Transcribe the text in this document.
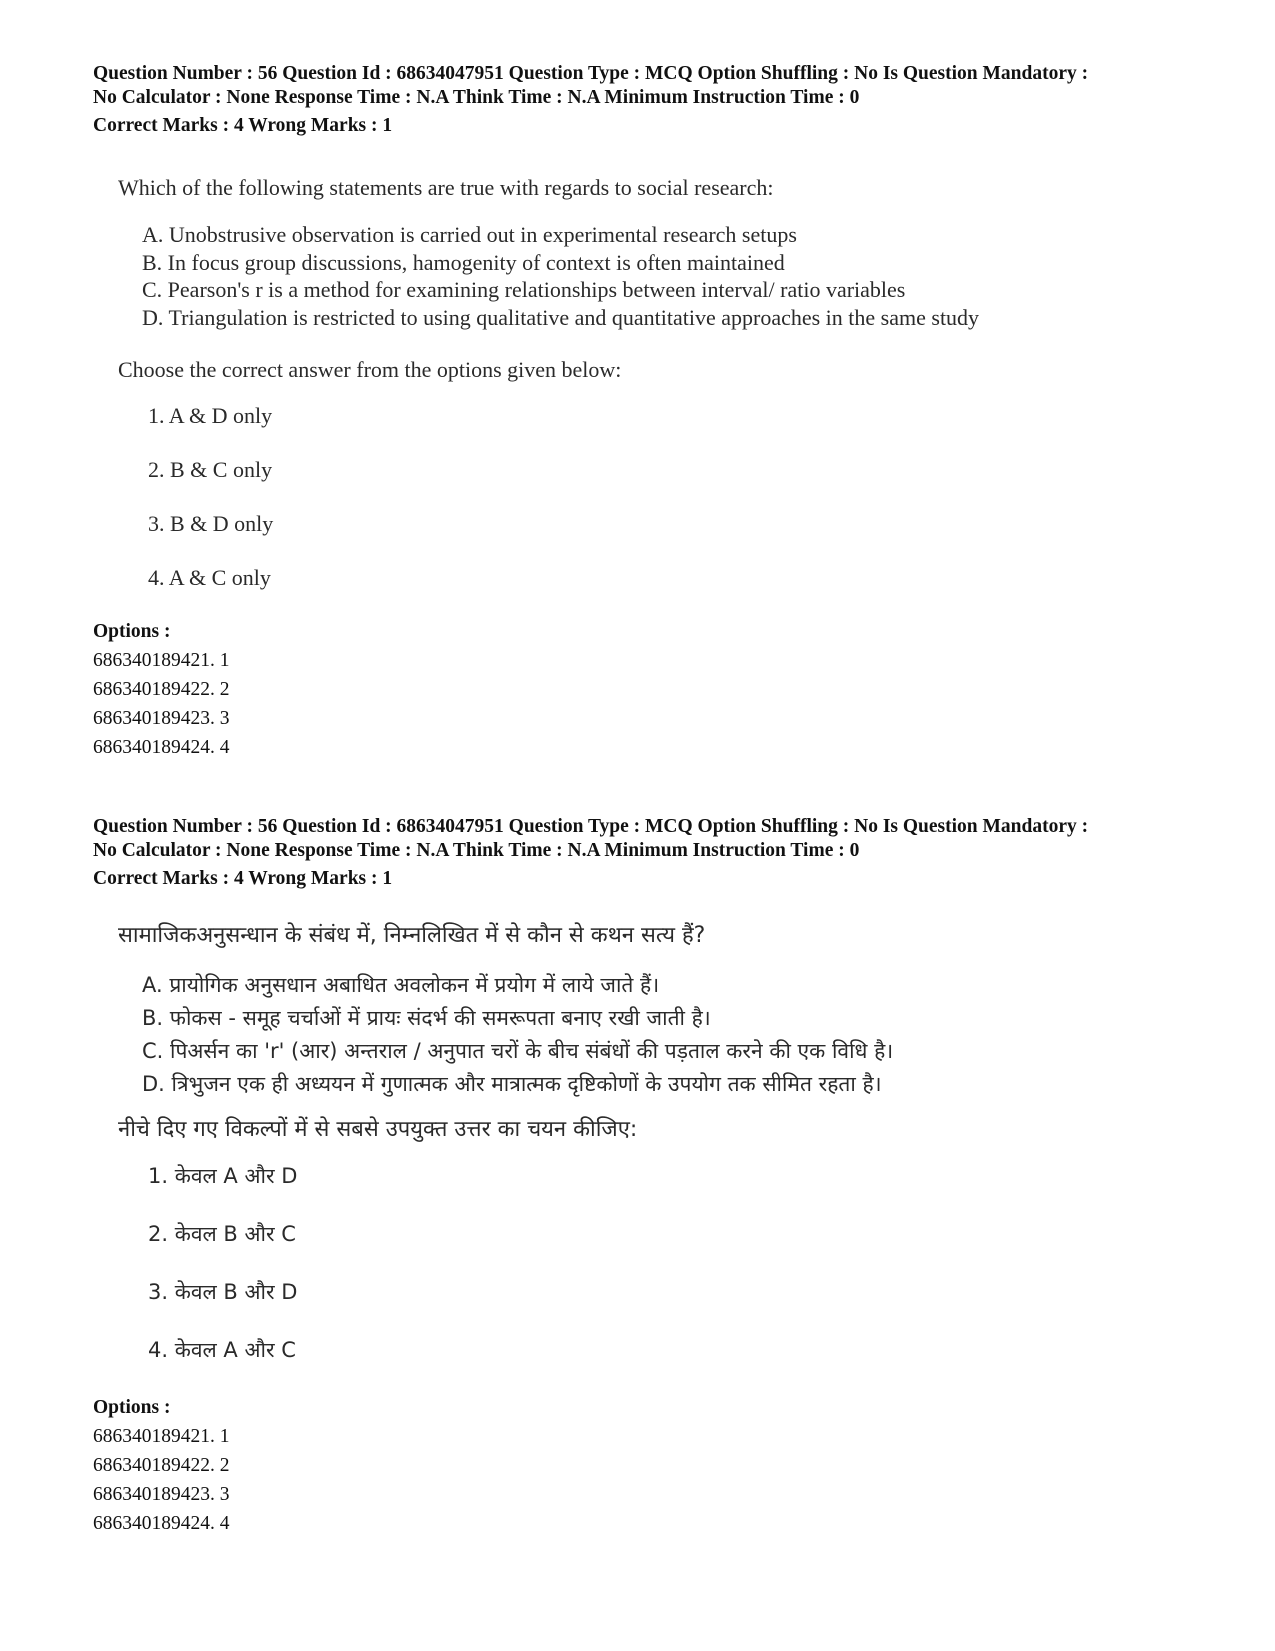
Question Number : 56 Question Id : 68634047951 Question Type : MCQ Option Shuffling : No Is Question Mandatory :

No Calculator : None Response Time : N.A Think Time : N.A Minimum Instruction Time : 0

Correct Marks : 4 Wrong Marks : 1

Which of the following statements are true with regards to social research:
A. Unobstrusive observation is carried out in experimental research setups
B. In focus group discussions, hamogenity of context is often maintained
C. Pearson's r is a method for examining relationships between interval/ ratio variables
D. Triangulation is restricted to using qualitative and quantitative approaches in the same study
Choose the correct answer from the options given below:
1. A & D only
2. B & C only
3. B & D only
4. A & C only
Options :
686340189421. 1
686340189422. 2
686340189423. 3
686340189424. 4

Question Number : 56 Question Id : 68634047951 Question Type : MCQ Option Shuffling : No Is Question Mandatory :

No Calculator : None Response Time : N.A Think Time : N.A Minimum Instruction Time : 0

Correct Marks : 4 Wrong Marks : 1

सामाजिकअनुसन्धान के संबंध में, निम्नलिखित में से कौन से कथन सत्य हैं?
A. प्रायोगिक अनुसधान अबाधित अवलोकन में प्रयोग में लाये जाते हैं।
B. फोकस - समूह चर्चाओं में प्रायः संदर्भ की समरूपता बनाए रखी जाती है।
C. पिअर्सन का 'r' (आर) अन्तराल / अनुपात चरों के बीच संबंधों की पड़ताल करने की एक विधि है।
D. त्रिभुजन एक ही अध्ययन में गुणात्मक और मात्रात्मक दृष्टिकोणों के उपयोग तक सीमित रहता है।
नीचे दिए गए विकल्पों में से सबसे उपयुक्त उत्तर का चयन कीजिए:
1. केवल A और D
2. केवल B और C
3. केवल B और D
4. केवल A और C
Options :
686340189421. 1
686340189422. 2
686340189423. 3
686340189424. 4
